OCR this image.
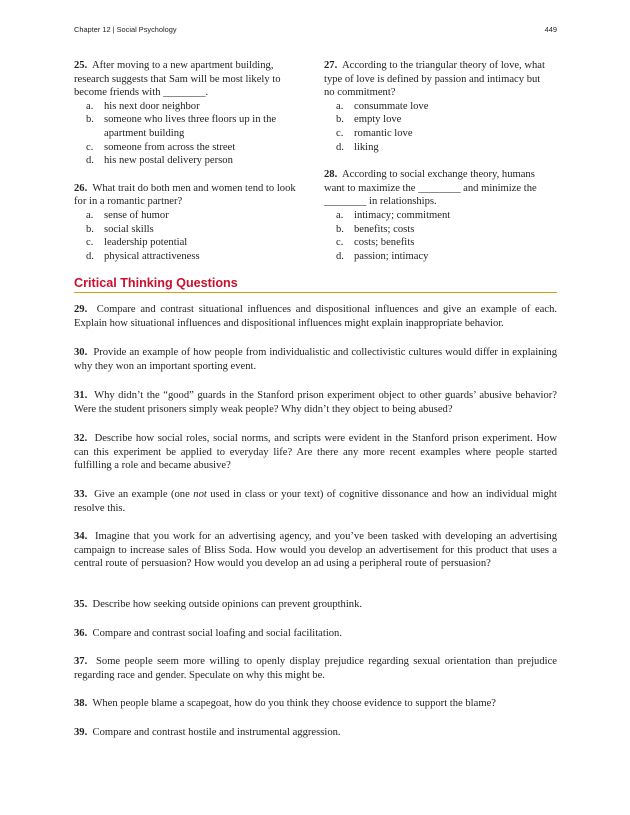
Chapter 12 | Social Psychology	449
25. After moving to a new apartment building, research suggests that Sam will be most likely to become friends with ________.
a. his next door neighbor
b. someone who lives three floors up in the apartment building
c. someone from across the street
d. his new postal delivery person
26. What trait do both men and women tend to look for in a romantic partner?
a. sense of humor
b. social skills
c. leadership potential
d. physical attractiveness
27. According to the triangular theory of love, what type of love is defined by passion and intimacy but no commitment?
a. consummate love
b. empty love
c. romantic love
d. liking
28. According to social exchange theory, humans want to maximize the ________ and minimize the ________ in relationships.
a. intimacy; commitment
b. benefits; costs
c. costs; benefits
d. passion; intimacy
Critical Thinking Questions

29. Compare and contrast situational influences and dispositional influences and give an example of each. Explain how situational influences and dispositional influences might explain inappropriate behavior.

30. Provide an example of how people from individualistic and collectivistic cultures would differ in explaining why they won an important sporting event.

31. Why didn’t the “good” guards in the Stanford prison experiment object to other guards’ abusive behavior? Were the student prisoners simply weak people? Why didn’t they object to being abused?

32. Describe how social roles, social norms, and scripts were evident in the Stanford prison experiment. How can this experiment be applied to everyday life? Are there any more recent examples where people started fulfilling a role and became abusive?

33. Give an example (one not used in class or your text) of cognitive dissonance and how an individual might resolve this.

34. Imagine that you work for an advertising agency, and you’ve been tasked with developing an advertising campaign to increase sales of Bliss Soda. How would you develop an advertisement for this product that uses a central route of persuasion? How would you develop an ad using a peripheral route of persuasion?

35. Describe how seeking outside opinions can prevent groupthink.

36. Compare and contrast social loafing and social facilitation.

37. Some people seem more willing to openly display prejudice regarding sexual orientation than prejudice regarding race and gender. Speculate on why this might be.

38. When people blame a scapegoat, how do you think they choose evidence to support the blame?

39. Compare and contrast hostile and instrumental aggression.
